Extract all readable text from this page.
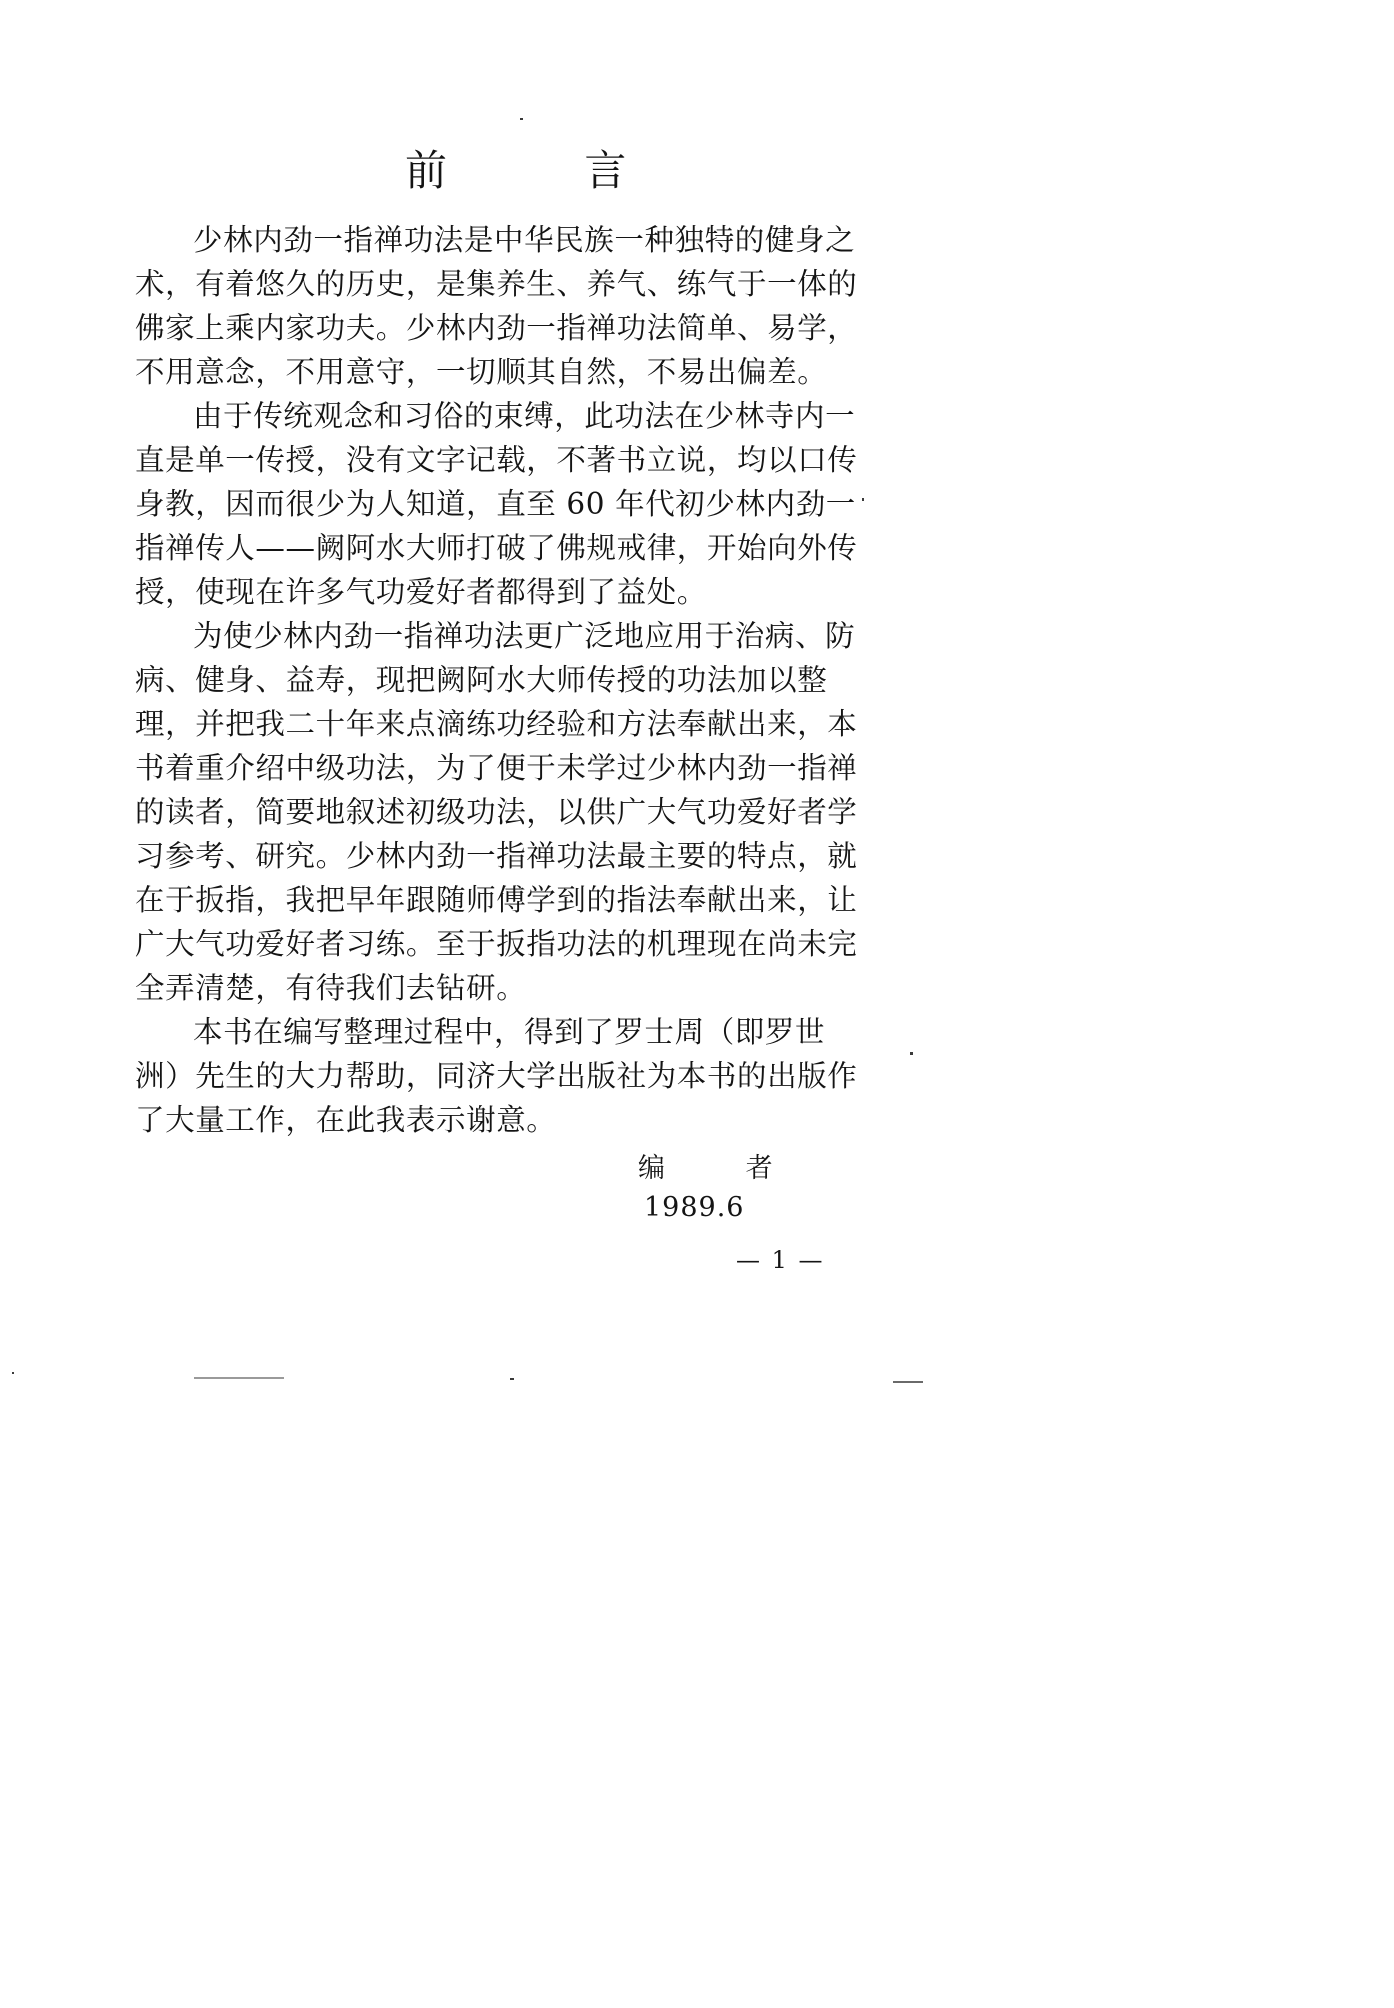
前 言
少林内劲一指禅功法是中华民族一种独特的健身之
术，有着悠久的历史，是集养生、养气、练气于一体的
佛家上乘内家功夫。少林内劲一指禅功法简单、易学，
不用意念，不用意守，一切顺其自然，不易出偏差。
由于传统观念和习俗的束缚，此功法在少林寺内一
直是单一传授，没有文字记载，不著书立说，均以口传
身教，因而很少为人知道，直至 60 年代初少林内劲一
指禅传人——阙阿水大师打破了佛规戒律，开始向外传
授，使现在许多气功爱好者都得到了益处。
为使少林内劲一指禅功法更广泛地应用于治病、防
病、健身、益寿，现把阙阿水大师传授的功法加以整
理，并把我二十年来点滴练功经验和方法奉献出来，本
书着重介绍中级功法，为了便于未学过少林内劲一指禅
的读者，简要地叙述初级功法，以供广大气功爱好者学
习参考、研究。少林内劲一指禅功法最主要的特点，就
在于扳指，我把早年跟随师傅学到的指法奉献出来，让
广大气功爱好者习练。至于扳指功法的机理现在尚未完
全弄清楚，有待我们去钻研。
本书在编写整理过程中，得到了罗士周（即罗世
洲）先生的大力帮助，同济大学出版社为本书的出版作
了大量工作，在此我表示谢意。
编 者
1989.6
— 1 —
